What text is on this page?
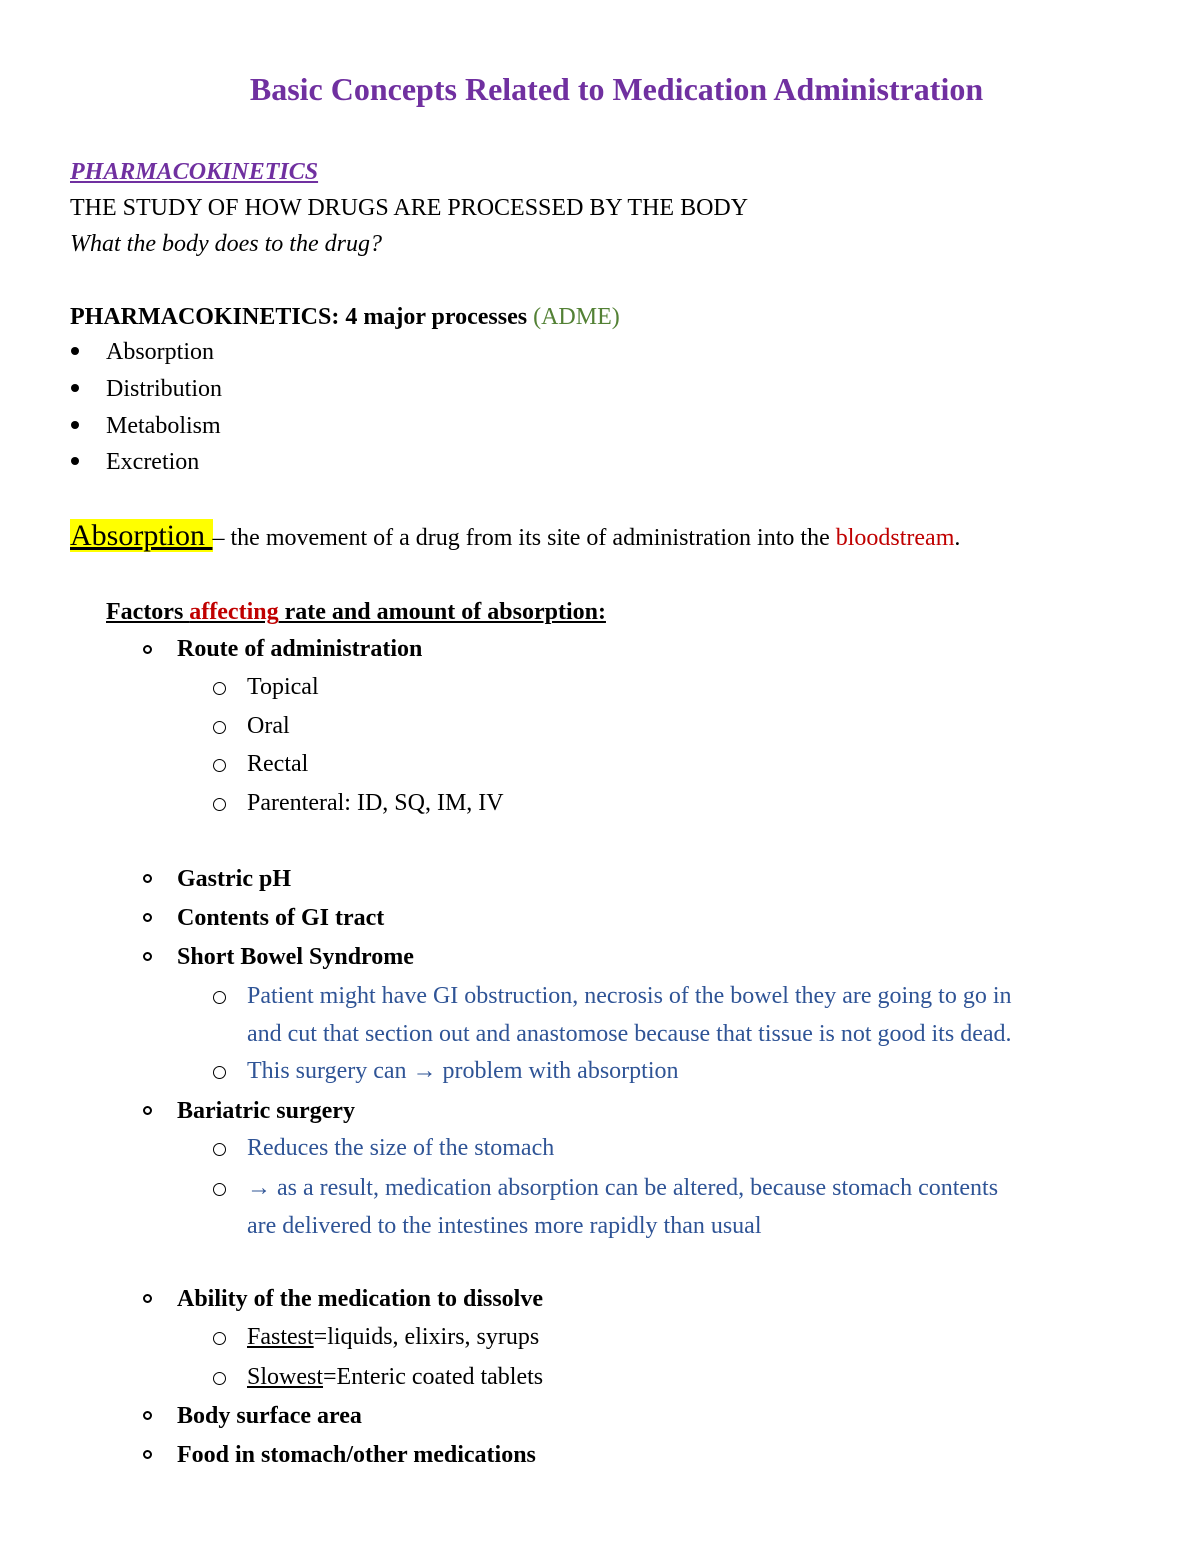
Basic Concepts Related to Medication Administration
PHARMACOKINETICS
THE STUDY OF HOW DRUGS ARE PROCESSED BY THE BODY
What the body does to the drug?
PHARMACOKINETICS: 4 major processes (ADME)
Absorption
Distribution
Metabolism
Excretion
Absorption – the movement of a drug from its site of administration into the bloodstream.
Factors affecting rate and amount of absorption:
Route of administration
Topical
Oral
Rectal
Parenteral: ID, SQ, IM, IV
Gastric pH
Contents of GI tract
Short Bowel Syndrome
Patient might have GI obstruction, necrosis of the bowel they are going to go in
and cut that section out and anastomose because that tissue is not good its dead.
This surgery can → problem with absorption
Bariatric surgery
Reduces the size of the stomach
→ as a result, medication absorption can be altered, because stomach contents
are delivered to the intestines more rapidly than usual
Ability of the medication to dissolve
Fastest=liquids, elixirs, syrups
Slowest=Enteric coated tablets
Body surface area
Food in stomach/other medications
